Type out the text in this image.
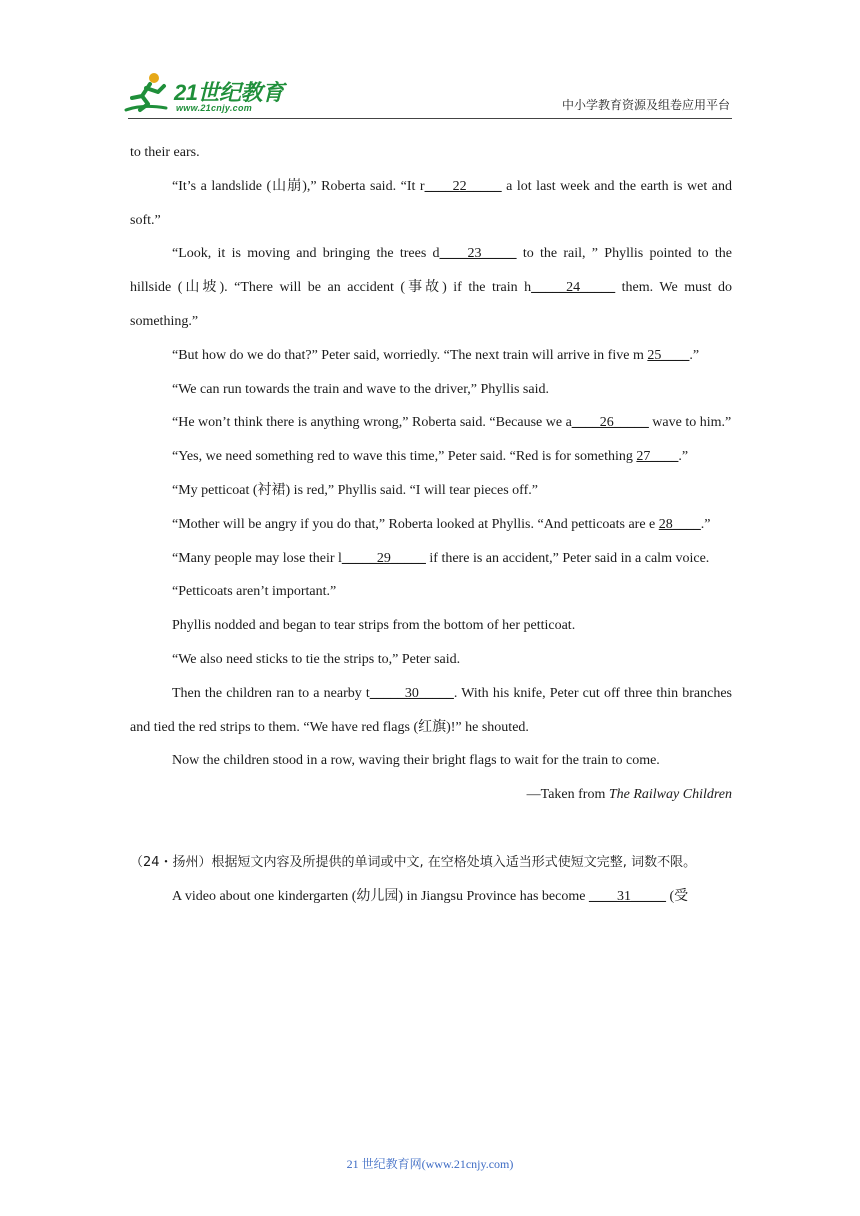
21世纪教育
www.21cnjy.com	中小学教育资源及组卷应用平台

to their ears.

“It’s a landslide (山崩),” Roberta said. “It r____22_____ a lot last week and the earth is wet and soft.”

“Look, it is moving and bringing the trees d____23_____ to the rail, ” Phyllis pointed to the hillside (山坡). “There will be an accident (事故) if the train h_____24_____ them. We must do something.”

“But how do we do that?” Peter said, worriedly. “The next train will arrive in five m 25____.”

“We can run towards the train and wave to the driver,” Phyllis said.

“He won’t think there is anything wrong,” Roberta said. “Because we a____26_____ wave to him.”

“Yes, we need something red to wave this time,” Peter said. “Red is for something 27____.”

“My petticoat (衬裙) is red,” Phyllis said. “I will tear pieces off.”

“Mother will be angry if you do that,” Roberta looked at Phyllis. “And petticoats are e 28____.”

“Many people may lose their l_____29_____ if there is an accident,” Peter said in a calm voice.

“Petticoats aren’t important.”

Phyllis nodded and began to tear strips from the bottom of her petticoat.

“We also need sticks to tie the strips to,” Peter said.

Then the children ran to a nearby t_____30_____. With his knife, Peter cut off three thin branches and tied the red strips to them. “We have red flags (红旗)!” he shouted.

Now the children stood in a row, waving their bright flags to wait for the train to come.

—Taken from The Railway Children

（24・扬州）根据短文内容及所提供的单词或中文, 在空格处填入适当形式使短文完整, 词数不限。

A video about one kindergarten (幼儿园) in Jiangsu Province has become ____31_____ (受

21 世纪教育网(www.21cnjy.com)
